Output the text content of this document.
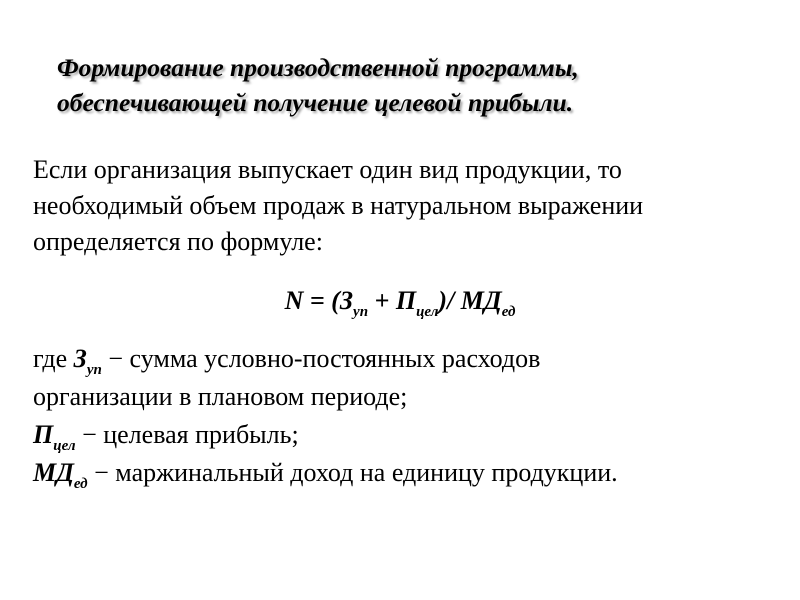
Формирование производственной программы,
обеспечивающей получение целевой прибыли.
Если организация выпускает один вид продукции, то
необходимый объем продаж в натуральном выражении
определяется по формуле:
$N = (З_{уп} + П_{цел})/$ $МД_{ед}$
где $З_{уп}$ − сумма условно-постоянных расходов
организации в плановом периоде;
$П_{цел}$ − целевая прибыль;
$МД_{ед}$ − маржинальный доход на единицу продукции.
